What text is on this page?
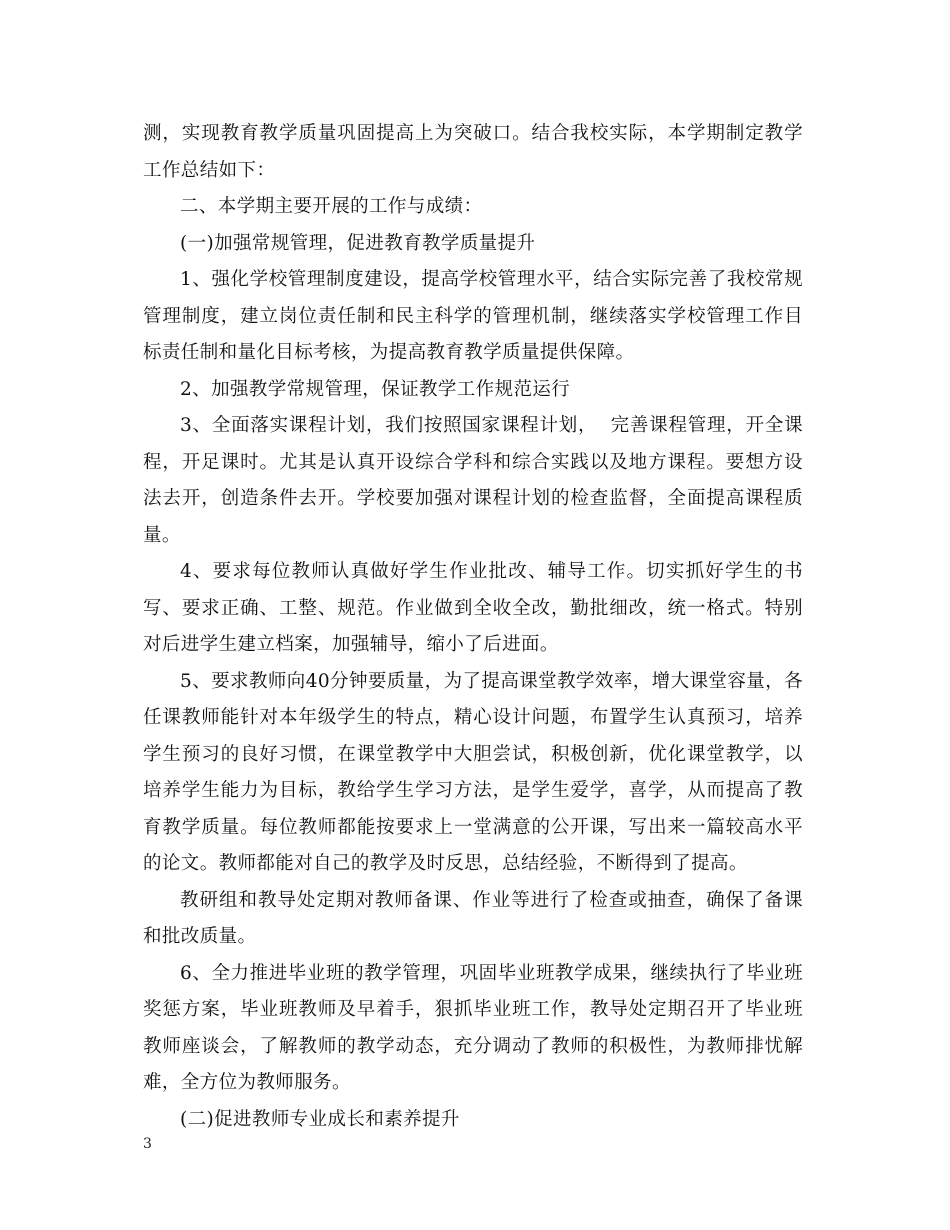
测，实现教育教学质量巩固提高上为突破口。结合我校实际，本学期制定教学工作总结如下：

二、本学期主要开展的工作与成绩：

(一)加强常规管理，促进教育教学质量提升

1、强化学校管理制度建设，提高学校管理水平，结合实际完善了我校常规管理制度，建立岗位责任制和民主科学的管理机制，继续落实学校管理工作目标责任制和量化目标考核，为提高教育教学质量提供保障。

2、加强教学常规管理，保证教学工作规范运行

3、全面落实课程计划，我们按照国家课程计划，  完善课程管理，开全课程，开足课时。尤其是认真开设综合学科和综合实践以及地方课程。要想方设法去开，创造条件去开。学校要加强对课程计划的检查监督，全面提高课程质量。

4、要求每位教师认真做好学生作业批改、辅导工作。切实抓好学生的书写、要求正确、工整、规范。作业做到全收全改，勤批细改，统一格式。特别对后进学生建立档案，加强辅导，缩小了后进面。

5、要求教师向40分钟要质量，为了提高课堂教学效率，增大课堂容量，各任课教师能针对本年级学生的特点，精心设计问题，布置学生认真预习，培养学生预习的良好习惯，在课堂教学中大胆尝试，积极创新，优化课堂教学，以培养学生能力为目标，教给学生学习方法，是学生爱学，喜学，从而提高了教育教学质量。每位教师都能按要求上一堂满意的公开课，写出来一篇较高水平的论文。教师都能对自己的教学及时反思，总结经验，不断得到了提高。

教研组和教导处定期对教师备课、作业等进行了检查或抽查，确保了备课和批改质量。

6、全力推进毕业班的教学管理，巩固毕业班教学成果，继续执行了毕业班奖惩方案，毕业班教师及早着手，狠抓毕业班工作，教导处定期召开了毕业班教师座谈会，了解教师的教学动态，充分调动了教师的积极性，为教师排忧解难，全方位为教师服务。

(二)促进教师专业成长和素养提升

3
